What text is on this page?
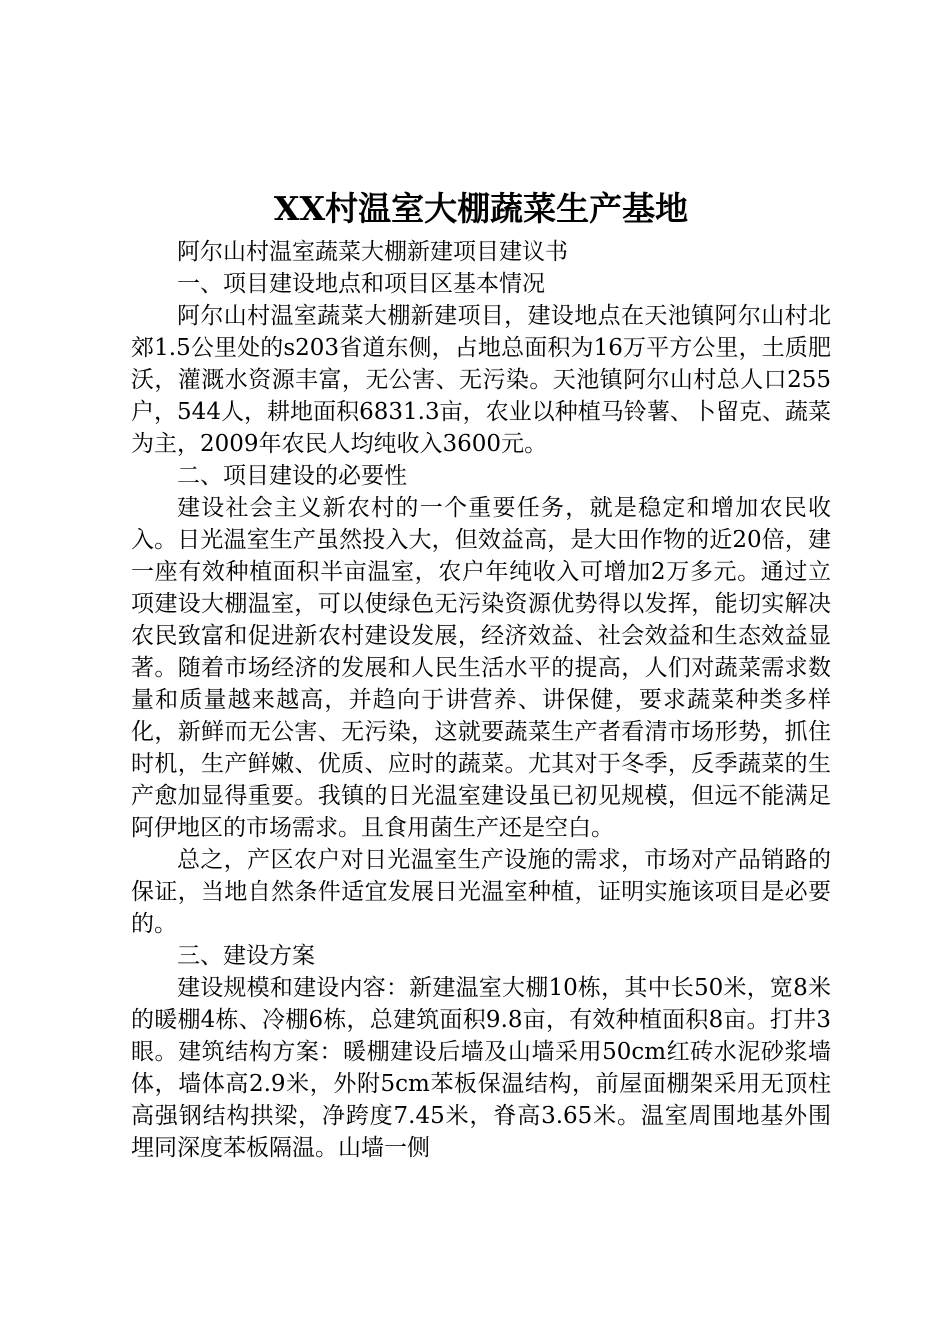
XX村温室大棚蔬菜生产基地

阿尔山村温室蔬菜大棚新建项目建议书

一、项目建设地点和项目区基本情况

阿尔山村温室蔬菜大棚新建项目，建设地点在天池镇阿尔山村北郊1.5公里处的s203省道东侧，占地总面积为16万平方公里，土质肥沃，灌溉水资源丰富，无公害、无污染。天池镇阿尔山村总人口255户，544人，耕地面积6831.3亩，农业以种植马铃薯、卜留克、蔬菜为主，2009年农民人均纯收入3600元。

二、项目建设的必要性

建设社会主义新农村的一个重要任务，就是稳定和增加农民收入。日光温室生产虽然投入大，但效益高，是大田作物的近20倍，建一座有效种植面积半亩温室，农户年纯收入可增加2万多元。通过立项建设大棚温室，可以使绿色无污染资源优势得以发挥，能切实解决农民致富和促进新农村建设发展，经济效益、社会效益和生态效益显著。随着市场经济的发展和人民生活水平的提高，人们对蔬菜需求数量和质量越来越高，并趋向于讲营养、讲保健，要求蔬菜种类多样化，新鲜而无公害、无污染，这就要蔬菜生产者看清市场形势，抓住时机，生产鲜嫩、优质、应时的蔬菜。尤其对于冬季，反季蔬菜的生产愈加显得重要。我镇的日光温室建设虽已初见规模，但远不能满足阿伊地区的市场需求。且食用菌生产还是空白。

总之，产区农户对日光温室生产设施的需求，市场对产品销路的保证，当地自然条件适宜发展日光温室种植，证明实施该项目是必要的。

三、建设方案

建设规模和建设内容：新建温室大棚10栋，其中长50米，宽8米的暖棚4栋、冷棚6栋，总建筑面积9.8亩，有效种植面积8亩。打井3眼。建筑结构方案：暖棚建设后墙及山墙采用50cm红砖水泥砂浆墙体，墙体高2.9米，外附5cm苯板保温结构，前屋面棚架采用无顶柱高强钢结构拱梁，净跨度7.45米，脊高3.65米。温室周围地基外围埋同深度苯板隔温。山墙一侧
